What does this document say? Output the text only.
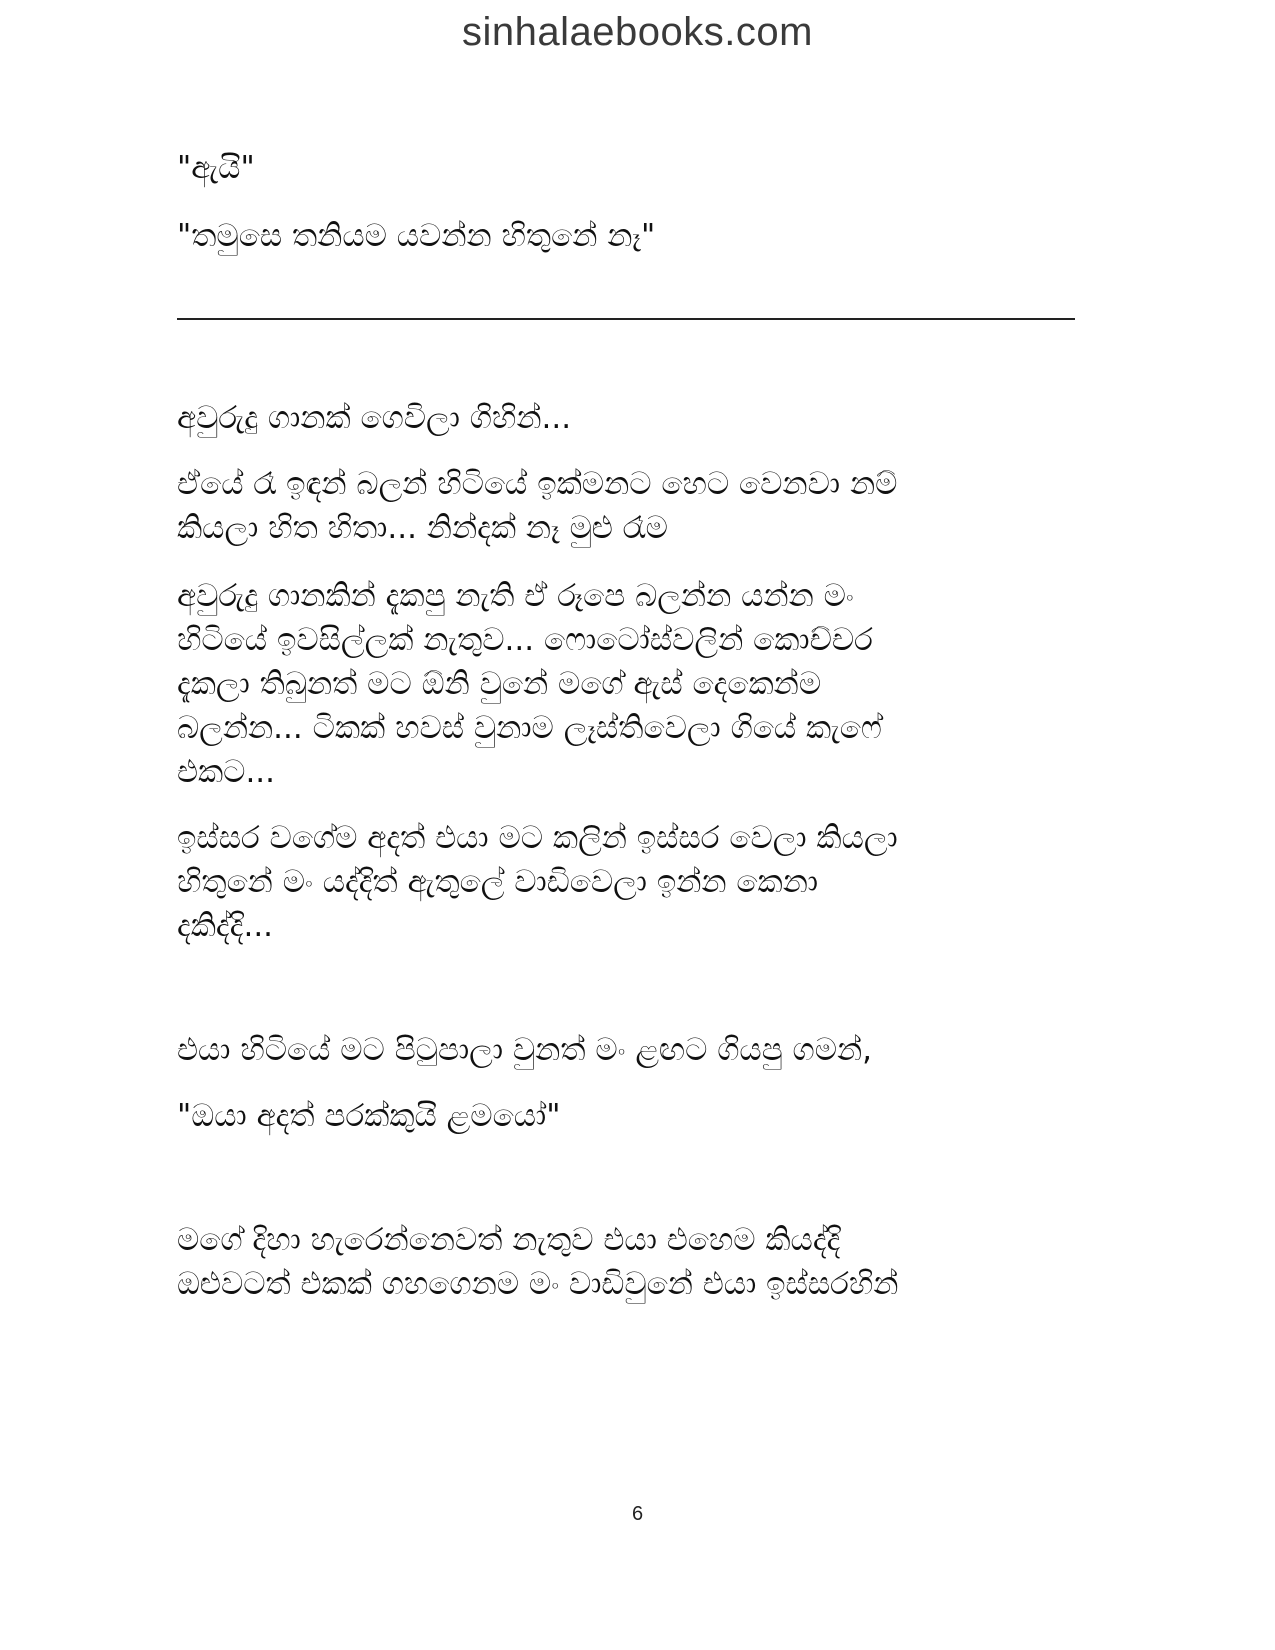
sinhalaebooks.com
"ඇයි"
"තමුසෙ තනියම යවන්න හිතුනේ නෑ"
අවුරුදු ගානක් ගෙවිලා ගිහින්...
ඒයේ රෑ ඉඳන් බලන් හිටියේ ඉක්මනට හෙට වෙනවා නම්
කියලා හිත හිතා... නින්දක් නෑ මුළු රෑම
අවුරුදු ගානකින් දැකපු නැති ඒ රූපෙ බලන්න යන්න මං
හිටියේ ඉවසිල්ලක් නැතුව... ෆොටෝස්වලින් කොච්චර
දැකලා තිබුනත් මට ඕනි වුනේ මගේ ඇස් දෙකෙන්ම
බලන්න... ටිකක් හවස් වුනාම ලෑස්තිවෙලා ගියේ කැෆේ
එකට...
ඉස්සර වගේම අදත් එයා මට කලින් ඉස්සර වෙලා කියලා
හිතුනේ මං යද්දිත් ඇතුලේ වාඩිවෙලා ඉන්න කෙනා
දකිද්දි...
එයා හිටියේ මට පිටුපාලා වුනත් මං ළඟට ගියපු ගමන්,
"ඔයා අදත් පරක්කුයි ළමයෝ"
මගේ දිහා හැරෙන්නෙවත් නැතුව එයා එහෙම කියද්දි
ඔළුවටත් එකක් ගහගෙනම මං වාඩිවුනේ එයා ඉස්සරහින්
6
